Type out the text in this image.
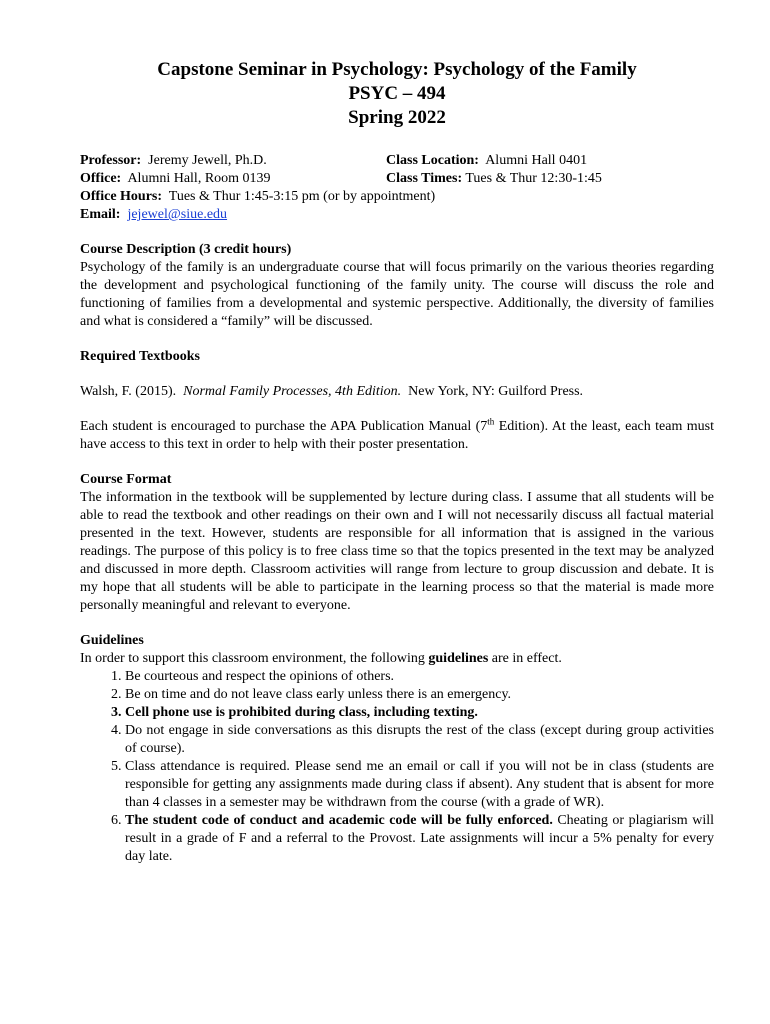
Capstone Seminar in Psychology: Psychology of the Family
PSYC – 494
Spring 2022
Professor: Jeremy Jewell, Ph.D.	Class Location: Alumni Hall 0401
Office: Alumni Hall, Room 0139	Class Times: Tues & Thur 12:30-1:45
Office Hours: Tues & Thur 1:45-3:15 pm (or by appointment)
Email: jejewel@siue.edu
Course Description (3 credit hours)
Psychology of the family is an undergraduate course that will focus primarily on the various theories regarding the development and psychological functioning of the family unity. The course will discuss the role and functioning of families from a developmental and systemic perspective. Additionally, the diversity of families and what is considered a “family” will be discussed.
Required Textbooks
Walsh, F. (2015). Normal Family Processes, 4th Edition. New York, NY: Guilford Press.
Each student is encouraged to purchase the APA Publication Manual (7th Edition). At the least, each team must have access to this text in order to help with their poster presentation.
Course Format
The information in the textbook will be supplemented by lecture during class. I assume that all students will be able to read the textbook and other readings on their own and I will not necessarily discuss all factual material presented in the text. However, students are responsible for all information that is assigned in the various readings. The purpose of this policy is to free class time so that the topics presented in the text may be analyzed and discussed in more depth. Classroom activities will range from lecture to group discussion and debate. It is my hope that all students will be able to participate in the learning process so that the material is made more personally meaningful and relevant to everyone.
Guidelines
In order to support this classroom environment, the following guidelines are in effect.
1. Be courteous and respect the opinions of others.
2. Be on time and do not leave class early unless there is an emergency.
3. Cell phone use is prohibited during class, including texting.
4. Do not engage in side conversations as this disrupts the rest of the class (except during group activities of course).
5. Class attendance is required. Please send me an email or call if you will not be in class (students are responsible for getting any assignments made during class if absent). Any student that is absent for more than 4 classes in a semester may be withdrawn from the course (with a grade of WR).
6. The student code of conduct and academic code will be fully enforced. Cheating or plagiarism will result in a grade of F and a referral to the Provost. Late assignments will incur a 5% penalty for every day late.
